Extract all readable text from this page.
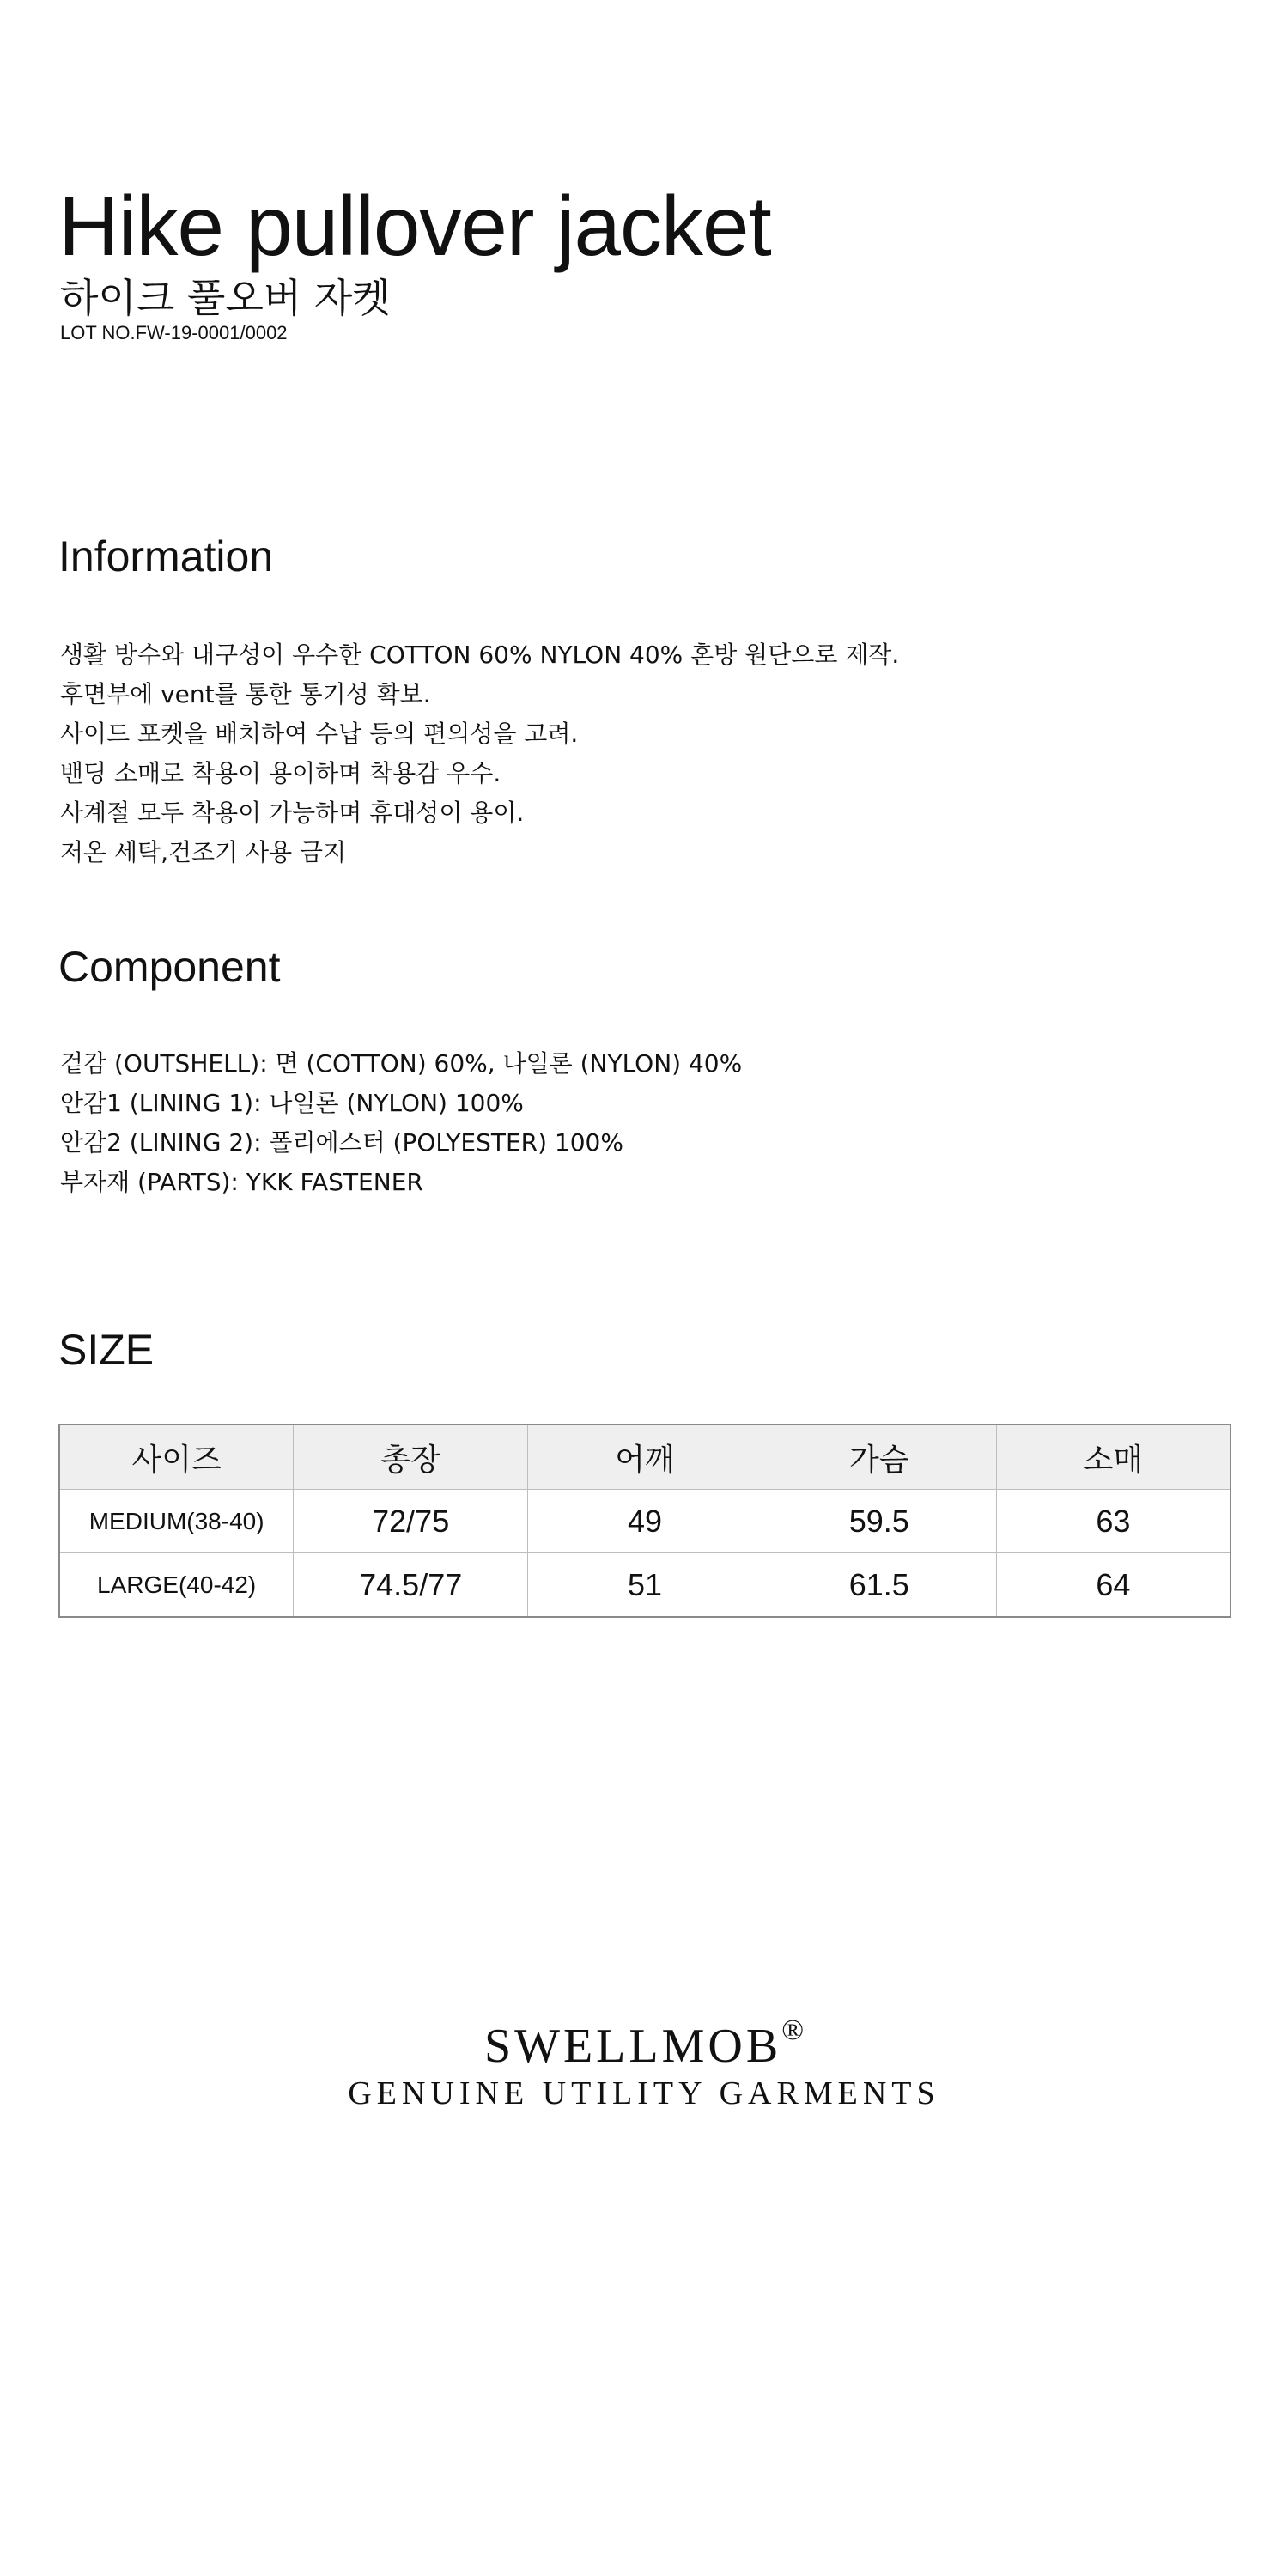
Hike pullover jacket
하이크 풀오버 자켓
LOT NO.FW-19-0001/0002
Information
생활 방수와 내구성이 우수한 COTTON 60% NYLON 40% 혼방 원단으로 제작.
후면부에 vent를 통한 통기성 확보.
사이드 포켓을 배치하여 수납 등의 편의성을 고려.
밴딩 소매로 착용이 용이하며 착용감 우수.
사계절 모두 착용이 가능하며 휴대성이 용이.
저온 세탁,건조기 사용 금지
Component
겉감 (OUTSHELL): 면 (COTTON) 60%, 나일론 (NYLON) 40%
안감1 (LINING 1): 나일론 (NYLON) 100%
안감2 (LINING 2): 폴리에스터 (POLYESTER) 100%
부자재 (PARTS): YKK FASTENER
SIZE
사이즈	총장	어깨	가슴	소매
MEDIUM(38-40)	72/75	49	59.5	63
LARGE(40-42)	74.5/77	51	61.5	64
SWELLMOB®
GENUINE UTILITY GARMENTS
